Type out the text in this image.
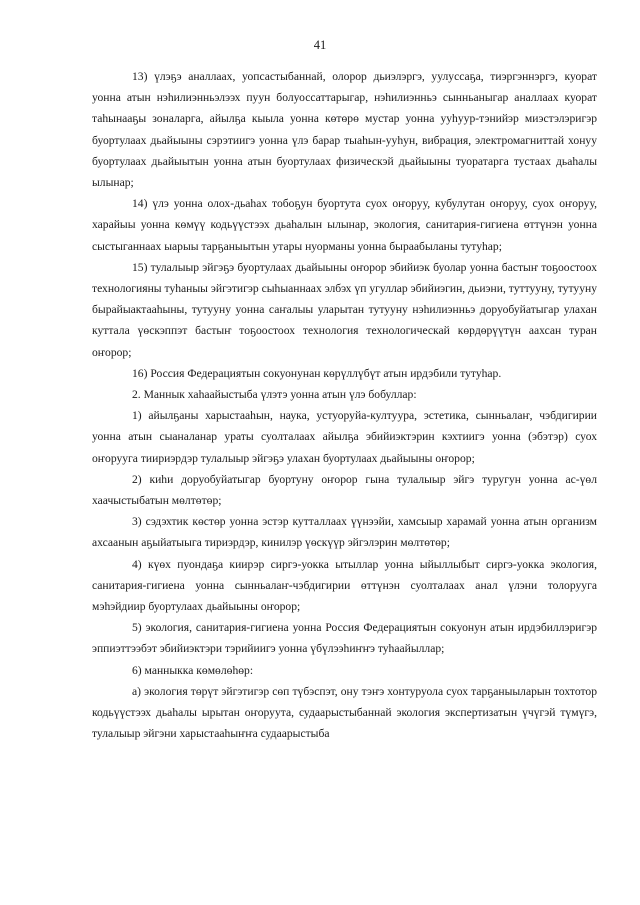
41

13) үлэҕэ аналлаах, уопсастыбаннай, олорор дьиэлэргэ, уулуссаҕа, тиэргэннэргэ, куорат уонна атын нэһилиэнньэлээх пуун болуоссаттарыгар, нэһилиэнньэ сынньаныгар аналлаах куорат таһынааҕы зоналарга, айылҕа кыыла уонна көтөрө мустар уонна ууһуур-тэнийэр миэстэлэригэр буортулаах дьайыыны сэрэтиигэ уонна үлэ барар тыаһын-ууһун, вибрация, электромагниттай хонуу буортулаах дьайыытын уонна атын буортулаах физическэй дьайыыны туоратарга тустаах дьаһалы ылынар;

14) үлэ уонна олох-дьаһах тобоҕун буортута суох оҥоруу, кубулутан оҥоруу, суох оҥоруу, харайыы уонна көмүү кодьүүстээх дьаһалын ылынар, экология, санитария-гигиена өттүнэн уонна сыстыганнаах ыарыы тарҕаныытын утары нуорманы уонна быраабыланы тутуһар;

15) тулалыыр эйгэҕэ буортулаах дьайыыны оҥорор эбийиэк буолар уонна бастыҥ тоҕоостоох технологияны туһаныы эйгэтигэр сыһыаннаах элбэх үп угуллар эбийиэгин, дьиэни, туттууну, тутууну бырайыактааһыны, тутууну уонна саҥалыы уларытан тутууну нэһилиэнньэ доруобуйатыгар улахан куттала үөскэппэт бастыҥ тоҕоостоох технология технологическай көрдөрүүтүн аахсан туран оҥорор;

16) Россия Федерациятын сокуонунан көрүллүбүт атын ирдэбили тутуһар.

2. Маннык хаһаайыстыба үлэтэ уонна атын үлэ бобуллар:

1) айылҕаны харыстааһын, наука, устуоруйа-култуура, эстетика, сынньалаҥ, чэбдигирии уонна атын сыаналанар ураты суолталаах айылҕа эбийиэктэрин кэхтиигэ уонна (эбэтэр) суох оҥорууга тиириэрдэр тулалыыр эйгэҕэ улахан буортулаах дьайыыны оҥорор;

2) киһи доруобуйатыгар буортуну оҥорор гына тулалыыр эйгэ туругун уонна ас-үөл хаачыстыбатын мөлтөтөр;

3) сэдэхтик көстөр уонна эстэр кутталлаах үүнээйи, хамсыыр харамай уонна атын организм ахсаанын аҕыйатыыга тириэрдэр, кинилэр үөскүүр эйгэлэрин мөлтөтөр;

4) күөх пуондаҕа киирэр сиргэ-уокка ытыллар уонна ыйыллыбыт сиргэ-уокка экология, санитария-гигиена уонна сынньалаҥ-чэбдигирии өттүнэн суолталаах анал үлэни толорууга мэһэйдиир буортулаах дьайыыны оҥорор;

5) экология, санитария-гигиена уонна Россия Федерациятын сокуонун атын ирдэбиллэригэр эппиэттээбэт эбийиэктэри тэрийиигэ уонна үбүлээһиҥҥэ туһаайыллар;

6) манныкка көмөлөһөр:

а) экология төрүт эйгэтигэр сөп түбэспэт, ону тэҥэ хонтуруола суох тарҕаныыларын тохтотор кодьүүстээх дьаһалы ырытан оҥоруута, судаарыстыбаннай экология экспертизатын үчүгэй түмүгэ, тулалыыр эйгэни харыстааһыҥҥа судаарыстыба
